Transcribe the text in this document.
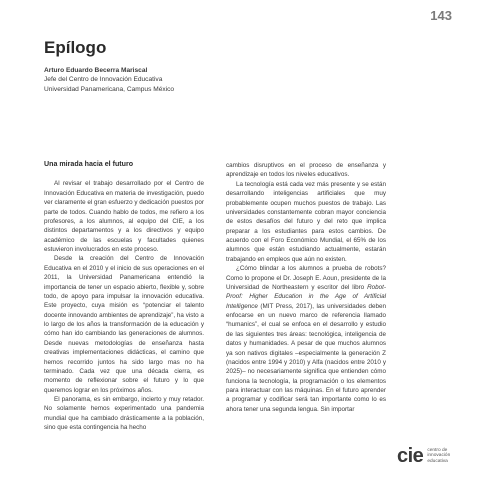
143
Epílogo
Arturo Eduardo Becerra Mariscal
Jefe del Centro de Innovación Educativa
Universidad Panamericana, Campus México
Una mirada hacia el futuro

Al revisar el trabajo desarrollado por el Centro de Innovación Educativa en materia de investigación, puedo ver claramente el gran esfuerzo y dedicación puestos por parte de todos. Cuando hablo de todos, me refiero a los profesores, a los alumnos, al equipo del CIE, a los distintos departamentos y a los directivos y equipo académico de las escuelas y facultades quienes estuvieron involucrados en este proceso.

Desde la creación del Centro de Innovación Educativa en el 2010 y el inicio de sus operaciones en el 2011, la Universidad Panamericana entendió la importancia de tener un espacio abierto, flexible y, sobre todo, de apoyo para impulsar la innovación educativa. Este proyecto, cuya misión es “potenciar el talento docente innovando ambientes de aprendizaje”, ha visto a lo largo de los años la transformación de la educación y cómo han ido cambiando las generaciones de alumnos. Desde nuevas metodologías de enseñanza hasta creativas implementaciones didácticas, el camino que hemos recorrido juntos ha sido largo mas no ha terminado. Cada vez que una década cierra, es momento de reflexionar sobre el futuro y lo que queremos lograr en los próximos años.

El panorama, es sin embargo, incierto y muy retador. No solamente hemos experimentado una pandemia mundial que ha cambiado drásticamente a la población, sino que esta contingencia ha hecho

cambios disruptivos en el proceso de enseñanza y aprendizaje en todos los niveles educativos.

La tecnología está cada vez más presente y se están desarrollando inteligencias artificiales que muy probablemente ocupen muchos puestos de trabajo. Las universidades constantemente cobran mayor conciencia de estos desafíos del futuro y del reto que implica preparar a los estudiantes para estos cambios. De acuerdo con el Foro Económico Mundial, el 65% de los alumnos que están estudiando actualmente, estarán trabajando en empleos que aún no existen.

¿Cómo blindar a los alumnos a prueba de robots? Como lo propone el Dr. Joseph E. Aoun, presidente de la Universidad de Northeastern y escritor del libro Robot-Proof: Higher Education in the Age of Artificial Intelligence (MIT Press, 2017), las universidades deben enfocarse en un nuevo marco de referencia llamado “humanics”, el cual se enfoca en el desarrollo y estudio de las siguientes tres áreas: tecnológica, inteligencia de datos y humanidades. A pesar de que muchos alumnos ya son nativos digitales –especialmente la generación Z (nacidos entre 1994 y 2010) y Alfa (nacidos entre 2010 y 2025)– no necesariamente significa que entienden cómo funciona la tecnología, la programación o los elementos para interactuar con las máquinas. En el futuro aprender a programar y codificar será tan importante como lo es ahora tener una segunda lengua. Sin importar

cie centro de
innovación
educativa
